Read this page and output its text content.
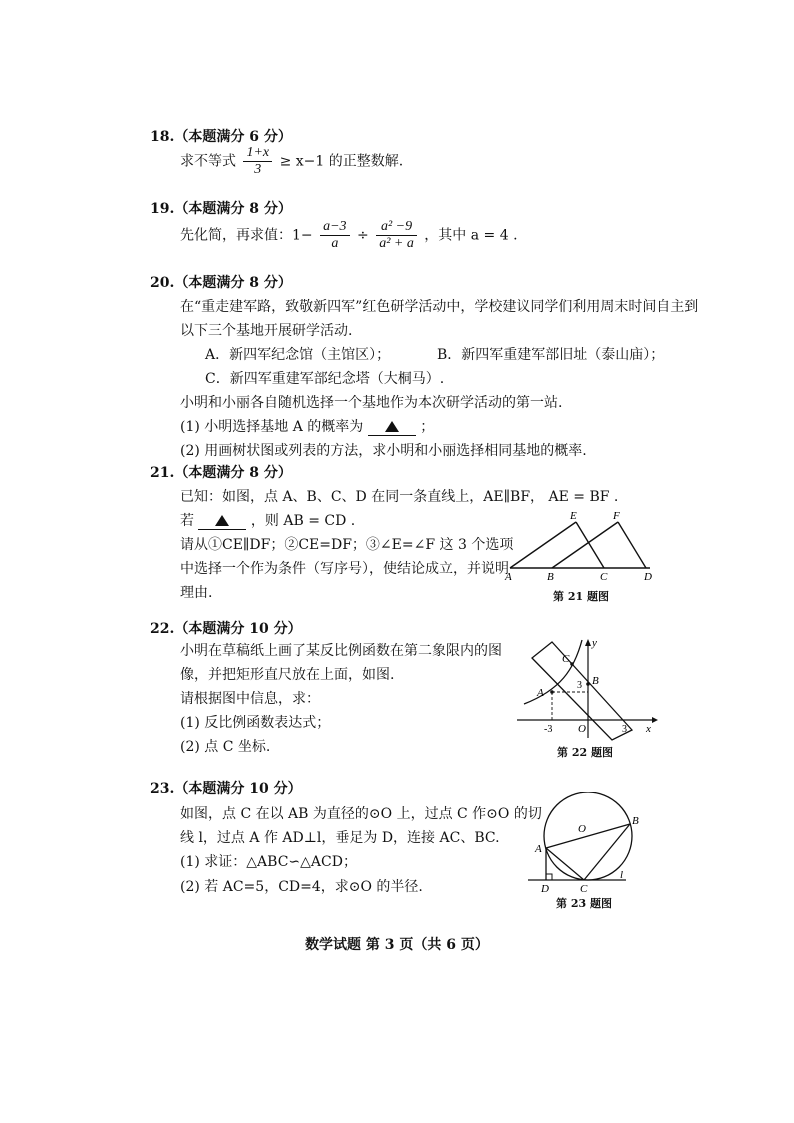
18.（本题满分 6 分）
求不等式 $\frac{1+x}{3} \ge x-1$ 的正整数解.
19.（本题满分 8 分）
先化简，再求值：$1- \frac{a-3}{a} \div \frac{\text{a² −9}}{\text{a² + a}}$ ，其中 a = 4 .
20.（本题满分 8 分）
在“重走建军路，致敬新四军”红色研学活动中，学校建议同学们利用周末时间自主到
以下三个基地开展研学活动.
A．新四军纪念馆（主馆区）；	B．新四军重建军部旧址（泰山庙）；
C．新四军重建军部纪念塔（大桐马）.
小明和小丽各自随机选择一个基地作为本次研学活动的第一站.
(1) 小明选择基地 A 的概率为	；
(2) 用画树状图或列表的方法，求小明和小丽选择相同基地的概率.
21.（本题满分 8 分）
已知：如图，点 A、B、C、D 在同一条直线上，AE∥BF， AE = BF .
若	，则 AB = CD .
请从①CE∥DF；②CE=DF；③∠E=∠F 这 3 个选项
中选择一个作为条件（写序号），使结论成立，并说明
理由.
E	F
A	B	C	D
第 21 题图
22.（本题满分 10 分）
小明在草稿纸上画了某反比例函数在第二象限内的图
像，并把矩形直尺放在上面，如图.
请根据图中信息，求：
(1) 反比例函数表达式；
(2) 点 C 坐标.
y
x
C
A
B
3
O
-3	3
第 22 题图
23.（本题满分 10 分）
如图，点 C 在以 AB 为直径的⊙O 上，过点 C 作⊙O 的切
线 l，过点 A 作 AD⊥l，垂足为 D，连接 AC、BC.
(1) 求证：△ABC∽△ACD；
(2) 若 AC=5，CD=4，求⊙O 的半径.
O
B
A
D	C
l
第 23 题图
数学试题 第 3 页（共 6 页）
